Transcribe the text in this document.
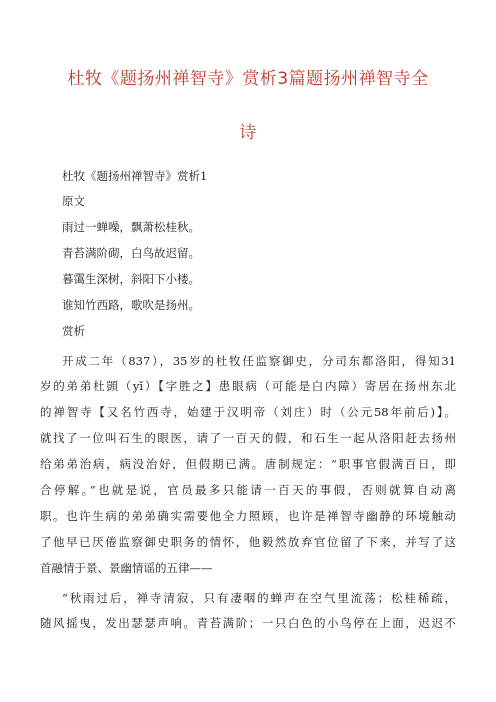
杜牧《题扬州禅智寺》赏析3篇题扬州禅智寺全
诗
杜牧《题扬州禅智寺》赏析1
原文
雨过一蝉噪，飘萧松桂秋。
青苔满阶砌，白鸟故迟留。
暮霭生深树，斜阳下小楼。
谁知竹西路，歌吹是扬州。
赏析
开成二年（837），35岁的杜牧任监察御史，分司东都洛阳，得知31
岁的弟弟杜顗（yǐ）【字胜之】患眼病（可能是白内障）寄居在扬州东北
的禅智寺【又名竹西寺，始建于汉明帝（刘庄）时（公元58年前后)】。
就找了一位叫石生的眼医，请了一百天的假，和石生一起从洛阳赶去扬州
给弟弟治病，病没治好，但假期已满。唐制规定：“职事官假满百日，即
合停解。”也就是说，官员最多只能请一百天的事假，否则就算自动离
职。也许生病的弟弟确实需要他全力照顾，也许是禅智寺幽静的环境触动
了他早已厌倦监察御史职务的情怀，他毅然放弃官位留了下来，并写了这
首融情于景、景幽情谣的五律——
“秋雨过后，禅寺清寂，只有凄咽的蝉声在空气里流荡；松桂稀疏，
随风摇曳，发出瑟瑟声响。青苔满阶；一只白色的小鸟停在上面，迟迟不
